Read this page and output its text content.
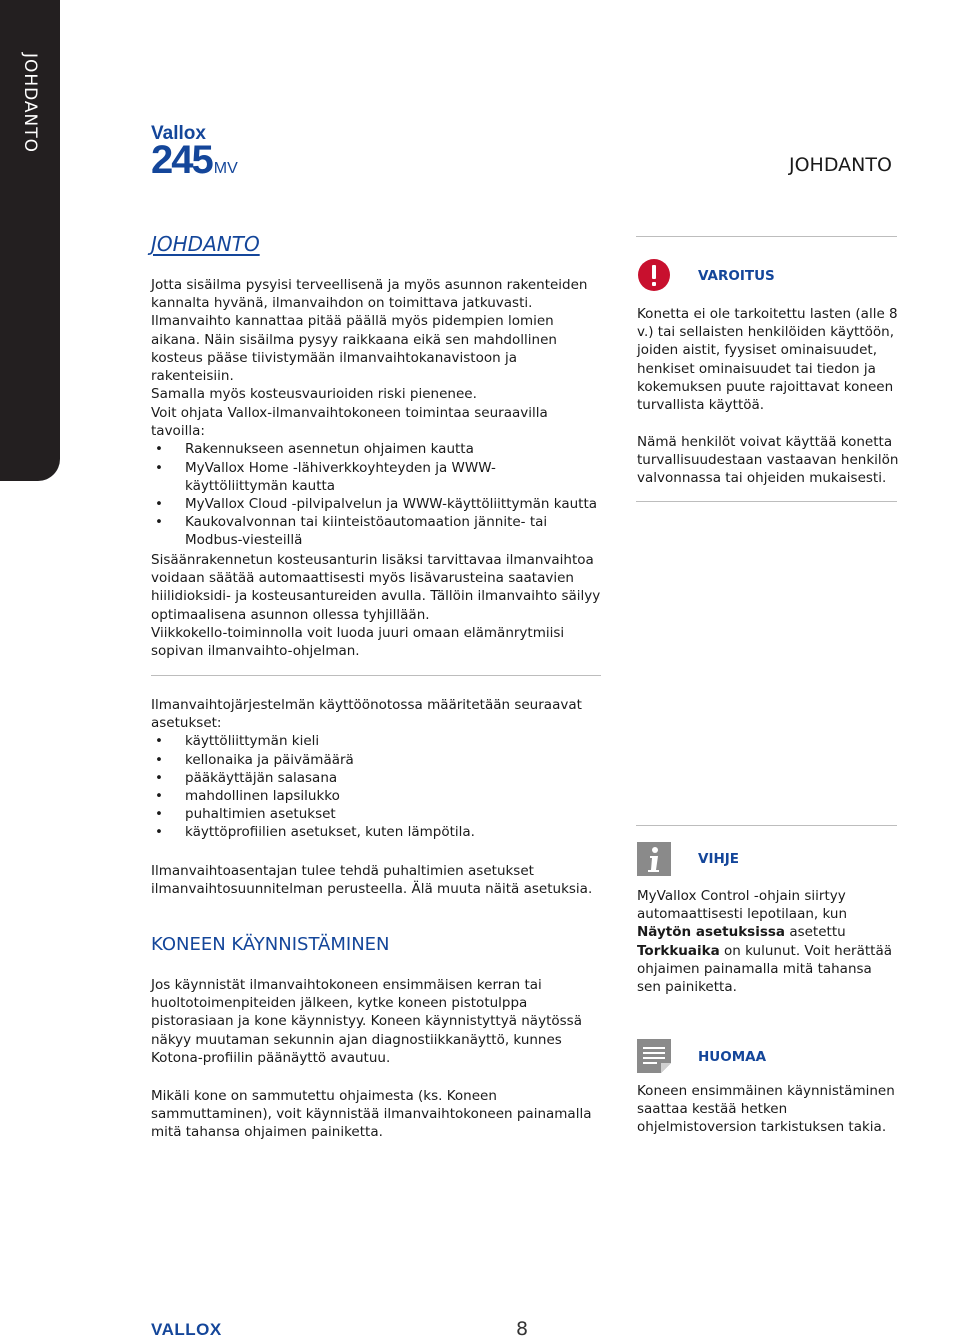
JOHDANTO	Vallox
245 MV	JOHDANTO
JOHDANTO

Jotta sisäilma pysyisi terveellisenä ja myös asunnon rakenteiden

kannalta hyvänä, ilmanvaihdon on toimittava jatkuvasti.

Ilmanvaihto kannattaa pitää päällä myös pidempien lomien

aikana. Näin sisäilma pysyy raikkaana eikä sen mahdollinen

kosteus pääse tiivistymään ilmanvaihtokanavistoon ja rakenteisiin.

Samalla myös kosteusvaurioiden riski pienenee.

Voit ohjata Vallox-ilmanvaihtokoneen toimintaa seuraavilla tavoilla:

• Rakennukseen asennetun ohjaimen kautta
• MyVallox Home -lähiverkkoyhteyden ja WWW-käyttöliittymän kautta
• MyVallox Cloud -pilvipalvelun ja WWW-käyttöliittymän kautta
• Kaukovalvonnan tai kiinteistöautomaation jännite- tai Modbus-viesteillä

Sisäänrakennetun kosteusanturin lisäksi tarvittavaa ilmanvaihtoa

voidaan säätää automaattisesti myös lisävarusteina saatavien

hiilidioksidi- ja kosteusantureiden avulla. Tällöin ilmanvaihto säilyy

optimaalisena asunnon ollessa tyhjillään.

Viikkokello-toiminnolla voit luoda juuri omaan elämänrytmiisi

sopivan ilmanvaihto-ohjelman.

Ilmanvaihtojärjestelmän käyttöönotossa määritetään seuraavat

asetukset:

• käyttöliittymän kieli
• kellonaika ja päivämäärä
• pääkäyttäjän salasana
• mahdollinen lapsilukko
• puhaltimien asetukset
• käyttöprofiilien asetukset, kuten lämpötila.

Ilmanvaihtoasentajan tulee tehdä puhaltimien asetukset

ilmanvaihtosuunnitelman perusteella. Älä muuta näitä asetuksia.

KONEEN KÄYNNISTÄMINEN

Jos käynnistät ilmanvaihtokoneen ensimmäisen kerran tai

huoltotoimenpiteiden jälkeen, kytke koneen pistotulppa

pistorasiaan ja kone käynnistyy. Koneen käynnistyttyä näytössä

näkyy muutaman sekunnin ajan diagnostiikkanäyttö, kunnes

Kotona-profiilin päänäyttö avautuu.

Mikäli kone on sammutettu ohjaimesta (ks. Koneen

sammuttaminen), voit käynnistää ilmanvaihtokoneen painamalla

mitä tahansa ohjaimen painiketta.

VAROITUS

Konetta ei ole tarkoitettu lasten (alle 8

v.) tai sellaisten henkilöiden käyttöön,

joiden aistit, fyysiset ominaisuudet,

henkiset ominaisuudet tai tiedon ja

kokemuksen puute rajoittavat koneen

turvallista käyttöä.

Nämä henkilöt voivat käyttää konetta

turvallisuudestaan vastaavan henkilön

valvonnassa tai ohjeiden mukaisesti.

VIHJE

MyVallox Control -ohjain siirtyy

automaattisesti lepotilaan, kun

Näytön asetuksissa asetettu

Torkkuaika on kulunut. Voit herättää

ohjaimen painamalla mitä tahansa

sen painiketta.

HUOMAA

Koneen ensimmäinen käynnistäminen

saattaa kestää hetken

ohjelmistoversion tarkistuksen takia.

VALLOX	8
